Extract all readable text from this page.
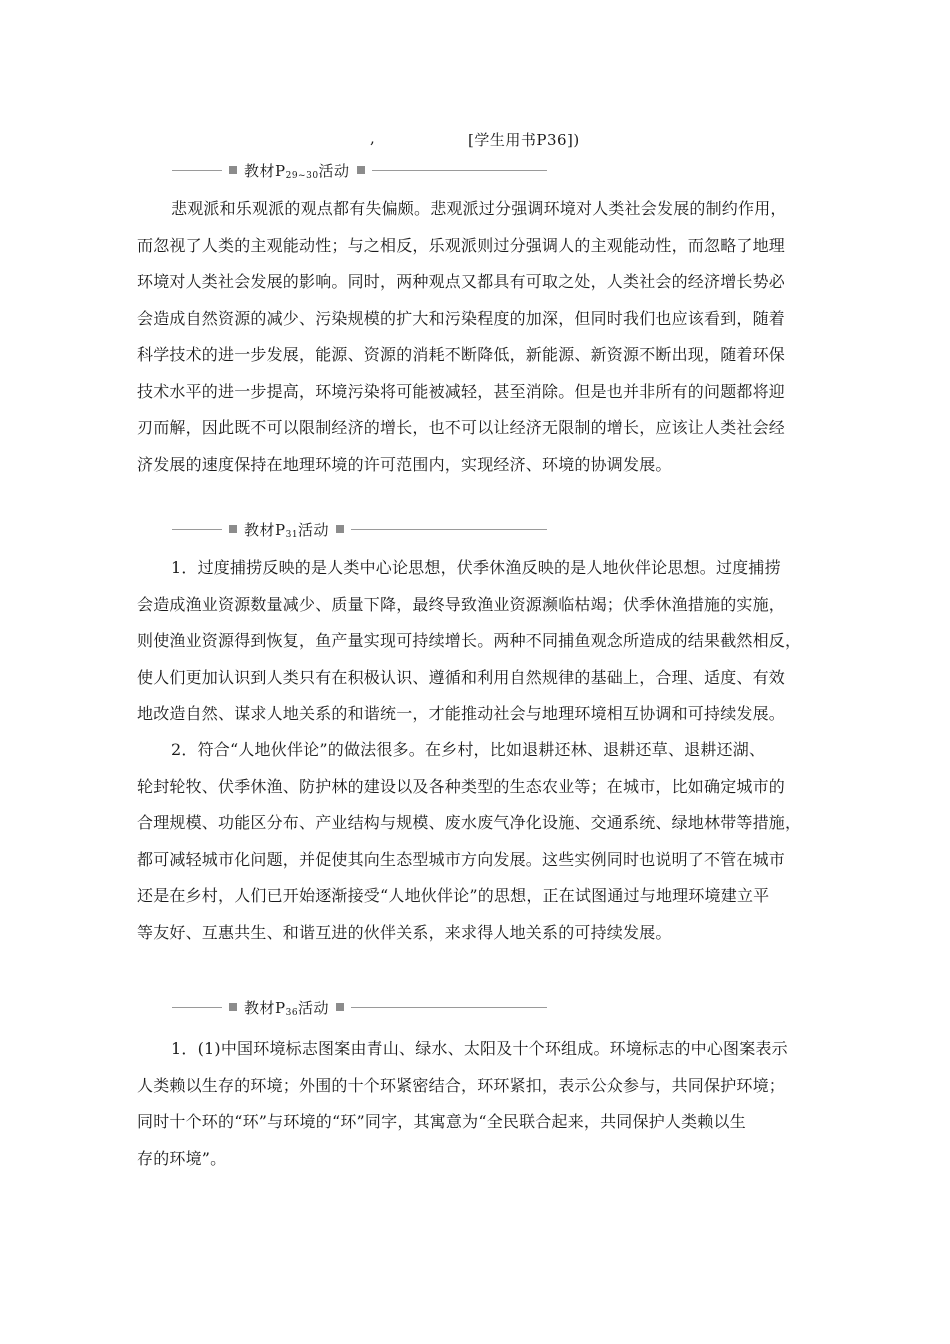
,	[学生用书P36])
教材$P_{29\sim 30}$活动
悲观派和乐观派的观点都有失偏颇。悲观派过分强调环境对人类社会发展的制约作用，
而忽视了人类的主观能动性；与之相反，乐观派则过分强调人的主观能动性，而忽略了地理
环境对人类社会发展的影响。同时，两种观点又都具有可取之处，人类社会的经济增长势必
会造成自然资源的减少、污染规模的扩大和污染程度的加深，但同时我们也应该看到，随着
科学技术的进一步发展，能源、资源的消耗不断降低，新能源、新资源不断出现，随着环保
技术水平的进一步提高，环境污染将可能被减轻，甚至消除。但是也并非所有的问题都将迎
刃而解，因此既不可以限制经济的增长，也不可以让经济无限制的增长，应该让人类社会经
济发展的速度保持在地理环境的许可范围内，实现经济、环境的协调发展。
教材$P_{31}$活动
1．过度捕捞反映的是人类中心论思想，伏季休渔反映的是人地伙伴论思想。过度捕捞
会造成渔业资源数量减少、质量下降，最终导致渔业资源濒临枯竭；伏季休渔措施的实施，
则使渔业资源得到恢复，鱼产量实现可持续增长。两种不同捕鱼观念所造成的结果截然相反，
使人们更加认识到人类只有在积极认识、遵循和利用自然规律的基础上，合理、适度、有效
地改造自然、谋求人地关系的和谐统一，才能推动社会与地理环境相互协调和可持续发展。
2．符合“人地伙伴论”的做法很多。在乡村，比如退耕还林、退耕还草、退耕还湖、
轮封轮牧、伏季休渔、防护林的建设以及各种类型的生态农业等；在城市，比如确定城市的
合理规模、功能区分布、产业结构与规模、废水废气净化设施、交通系统、绿地林带等措施，
都可减轻城市化问题，并促使其向生态型城市方向发展。这些实例同时也说明了不管在城市
还是在乡村，人们已开始逐渐接受“人地伙伴论”的思想，正在试图通过与地理环境建立平
等友好、互惠共生、和谐互进的伙伴关系，来求得人地关系的可持续发展。
教材$P_{36}$活动
1．(1)中国环境标志图案由青山、绿水、太阳及十个环组成。环境标志的中心图案表示
人类赖以生存的环境；外围的十个环紧密结合，环环紧扣，表示公众参与，共同保护环境；
同时十个环的“环”与环境的“环”同字，其寓意为“全民联合起来，共同保护人类赖以生
存的环境”。
